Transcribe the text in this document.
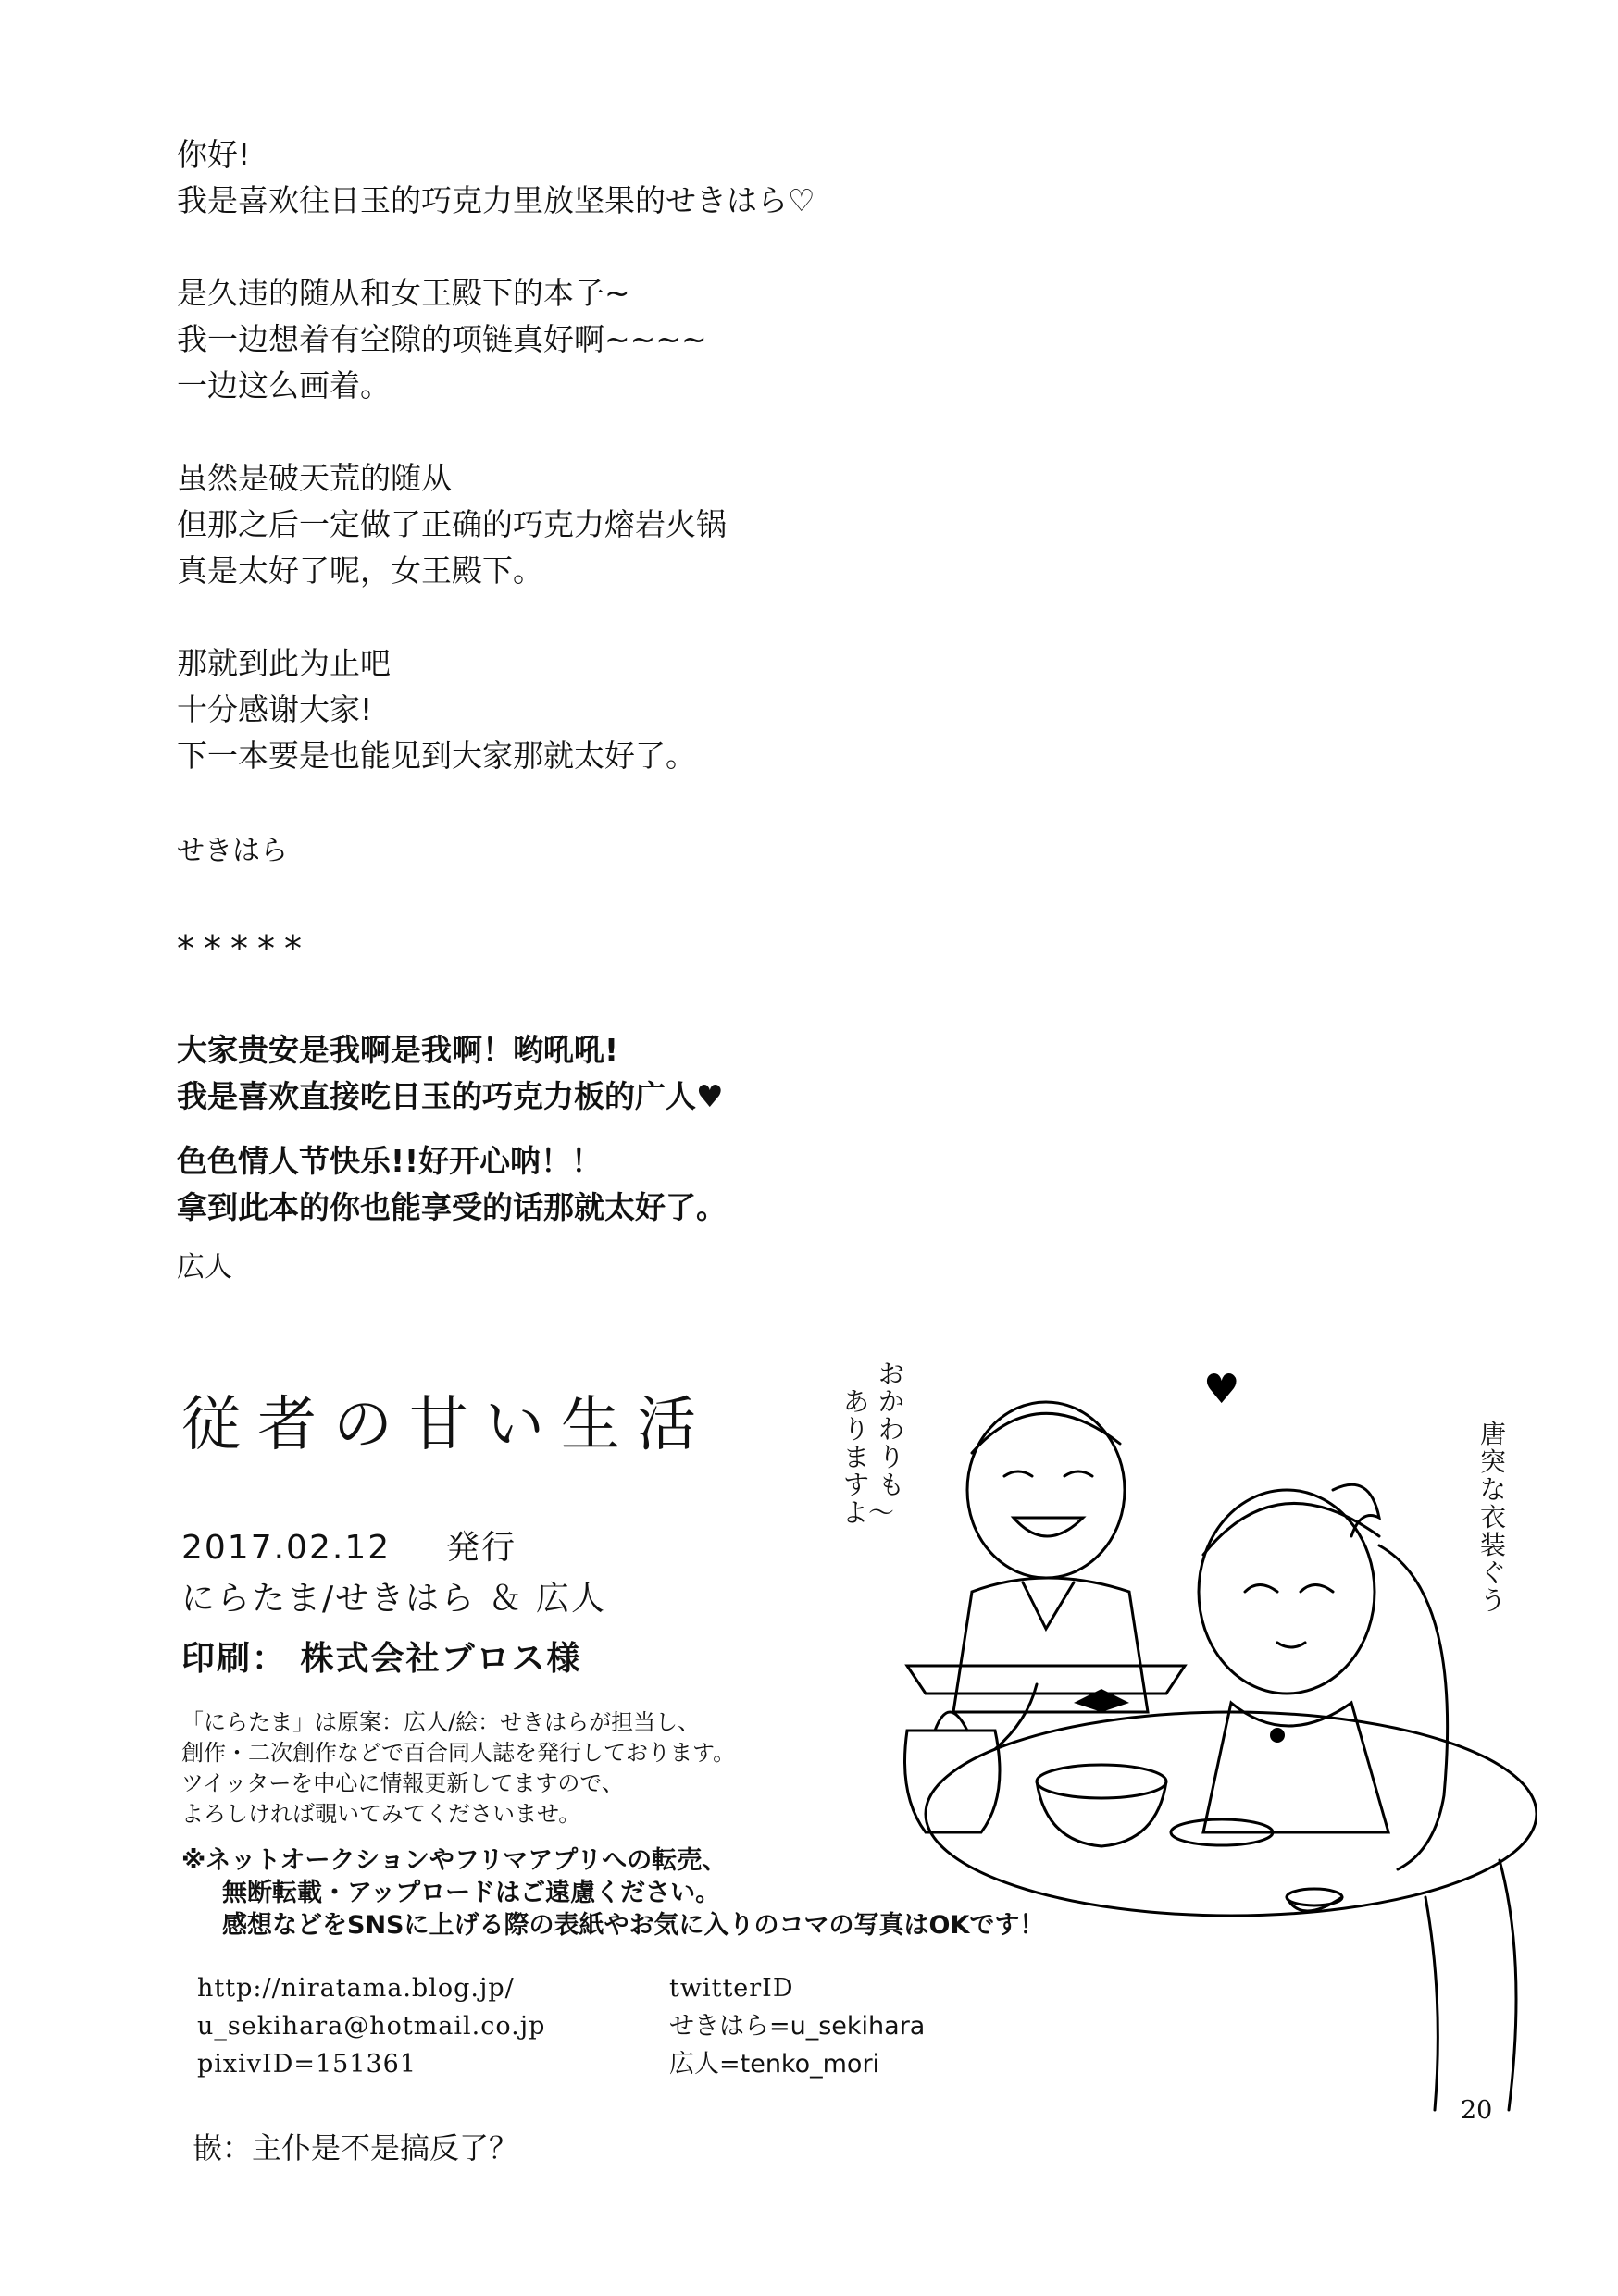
你好!
我是喜欢往日玉的巧克力里放坚果的せきはら♡

是久违的随从和女王殿下的本子~
我一边想着有空隙的项链真好啊~~~~
一边这么画着。

虽然是破天荒的随从
但那之后一定做了正确的巧克力熔岩火锅
真是太好了呢，女王殿下。

那就到此为止吧
十分感谢大家!
下一本要是也能见到大家那就太好了。
せきはら
*****
大家贵安是我啊是我啊！哟吼吼!
我是喜欢直接吃日玉的巧克力板的广人♥

色色情人节快乐!!好开心呐！！
拿到此本的你也能享受的话那就太好了。
広人
従者の甘い生活
2017.02.12 発行
にらたま/せきはら ＆ 広人
印刷： 株式会社ブロス様
「にらたま」は原案：広人/絵：せきはらが担当し、
創作・二次創作などで百合同人誌を発行しております。
ツイッターを中心に情報更新してますので、
よろしければ覗いてみてくださいませ。
※ネットオークションやフリマアプリへの転売、
無断転載・アップロードはご遠慮ください。
感想などをSNSに上げる際の表紙やお気に入りのコマの写真はOKです！
http://niratama.blog.jp/
u_sekihara@hotmail.co.jp
pixivID=151361
twitterID
せきはら=u_sekihara
広人=tenko_mori
♥
おかわりも
ありますよ〜
唐突な衣装ぐう
20
嵌：主仆是不是搞反了？
